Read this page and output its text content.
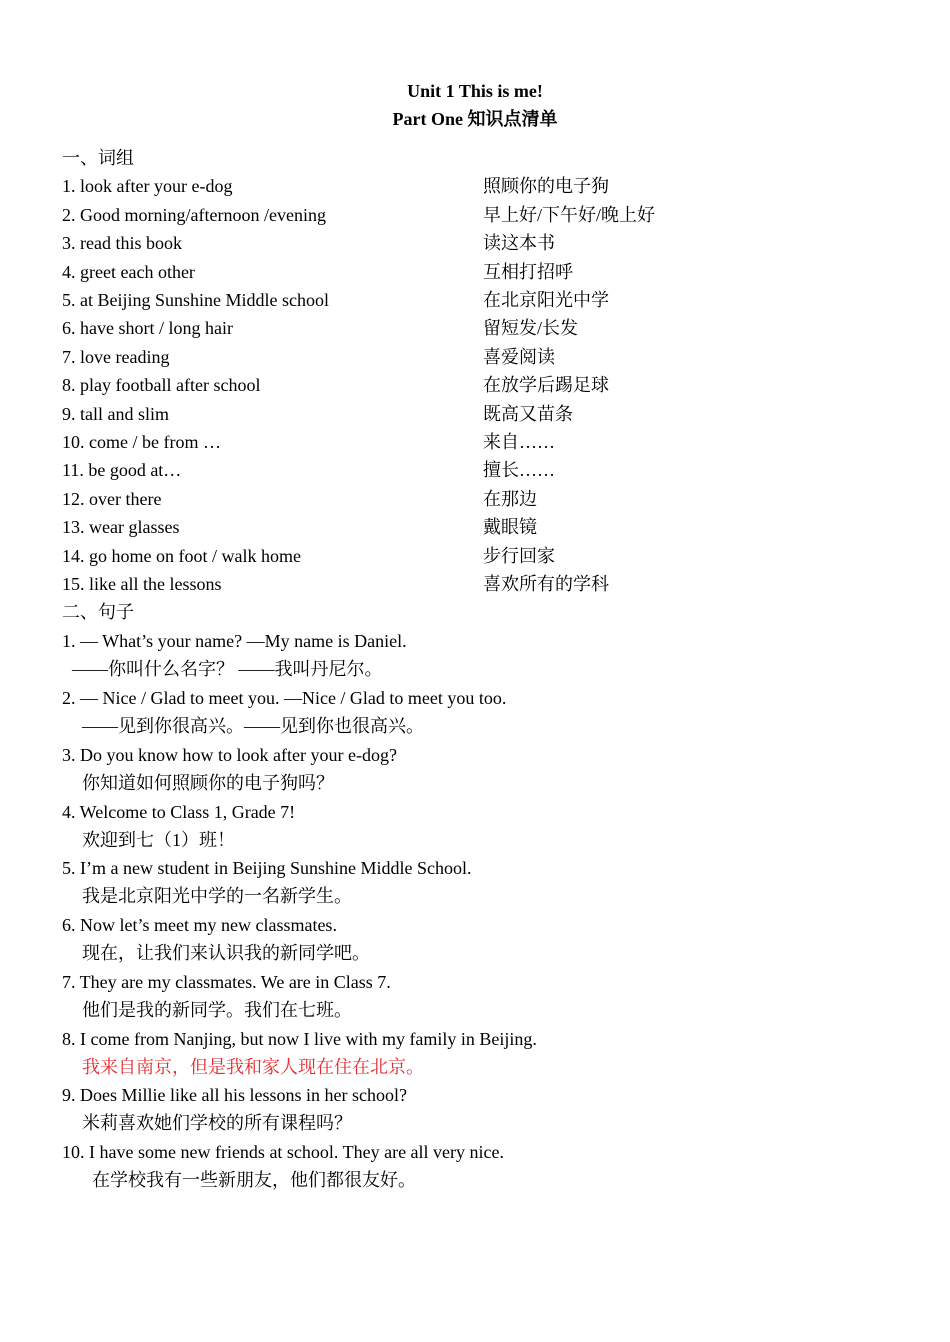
Unit 1 This is me!
Part One 知识点清单
一、词组
1. look after your e-dog	照顾你的电子狗
2. Good morning/afternoon /evening	早上好/下午好/晚上好
3. read this book	读这本书
4. greet each other	互相打招呼
5. at Beijing Sunshine Middle school	在北京阳光中学
6. have short / long hair	留短发/长发
7. love reading	喜爱阅读
8. play football after school	在放学后踢足球
9. tall and slim	既高又苗条
10. come / be from …	来自……
11. be good at…	擅长……
12. over there	在那边
13. wear glasses	戴眼镜
14. go home on foot / walk home	步行回家
15. like all the lessons	喜欢所有的学科
二、句子
1. — What’s your name? —My name is Daniel.
——你叫什么名字？ ——我叫丹尼尔。
2. — Nice / Glad to meet you. —Nice / Glad to meet you too.
——见到你很高兴。——见到你也很高兴。
3. Do you know how to look after your e-dog?
你知道如何照顾你的电子狗吗？
4. Welcome to Class 1, Grade 7!
欢迎到七（1）班！
5. I’m a new student in Beijing Sunshine Middle School.
我是北京阳光中学的一名新学生。
6. Now let’s meet my new classmates.
现在，让我们来认识我的新同学吧。
7. They are my classmates. We are in Class 7.
他们是我的新同学。我们在七班。
8. I come from Nanjing, but now I live with my family in Beijing.
我来自南京，但是我和家人现在住在北京。
9. Does Millie like all his lessons in her school?
米莉喜欢她们学校的所有课程吗？
10. I have some new friends at school. They are all very nice.
在学校我有一些新朋友，他们都很友好。
